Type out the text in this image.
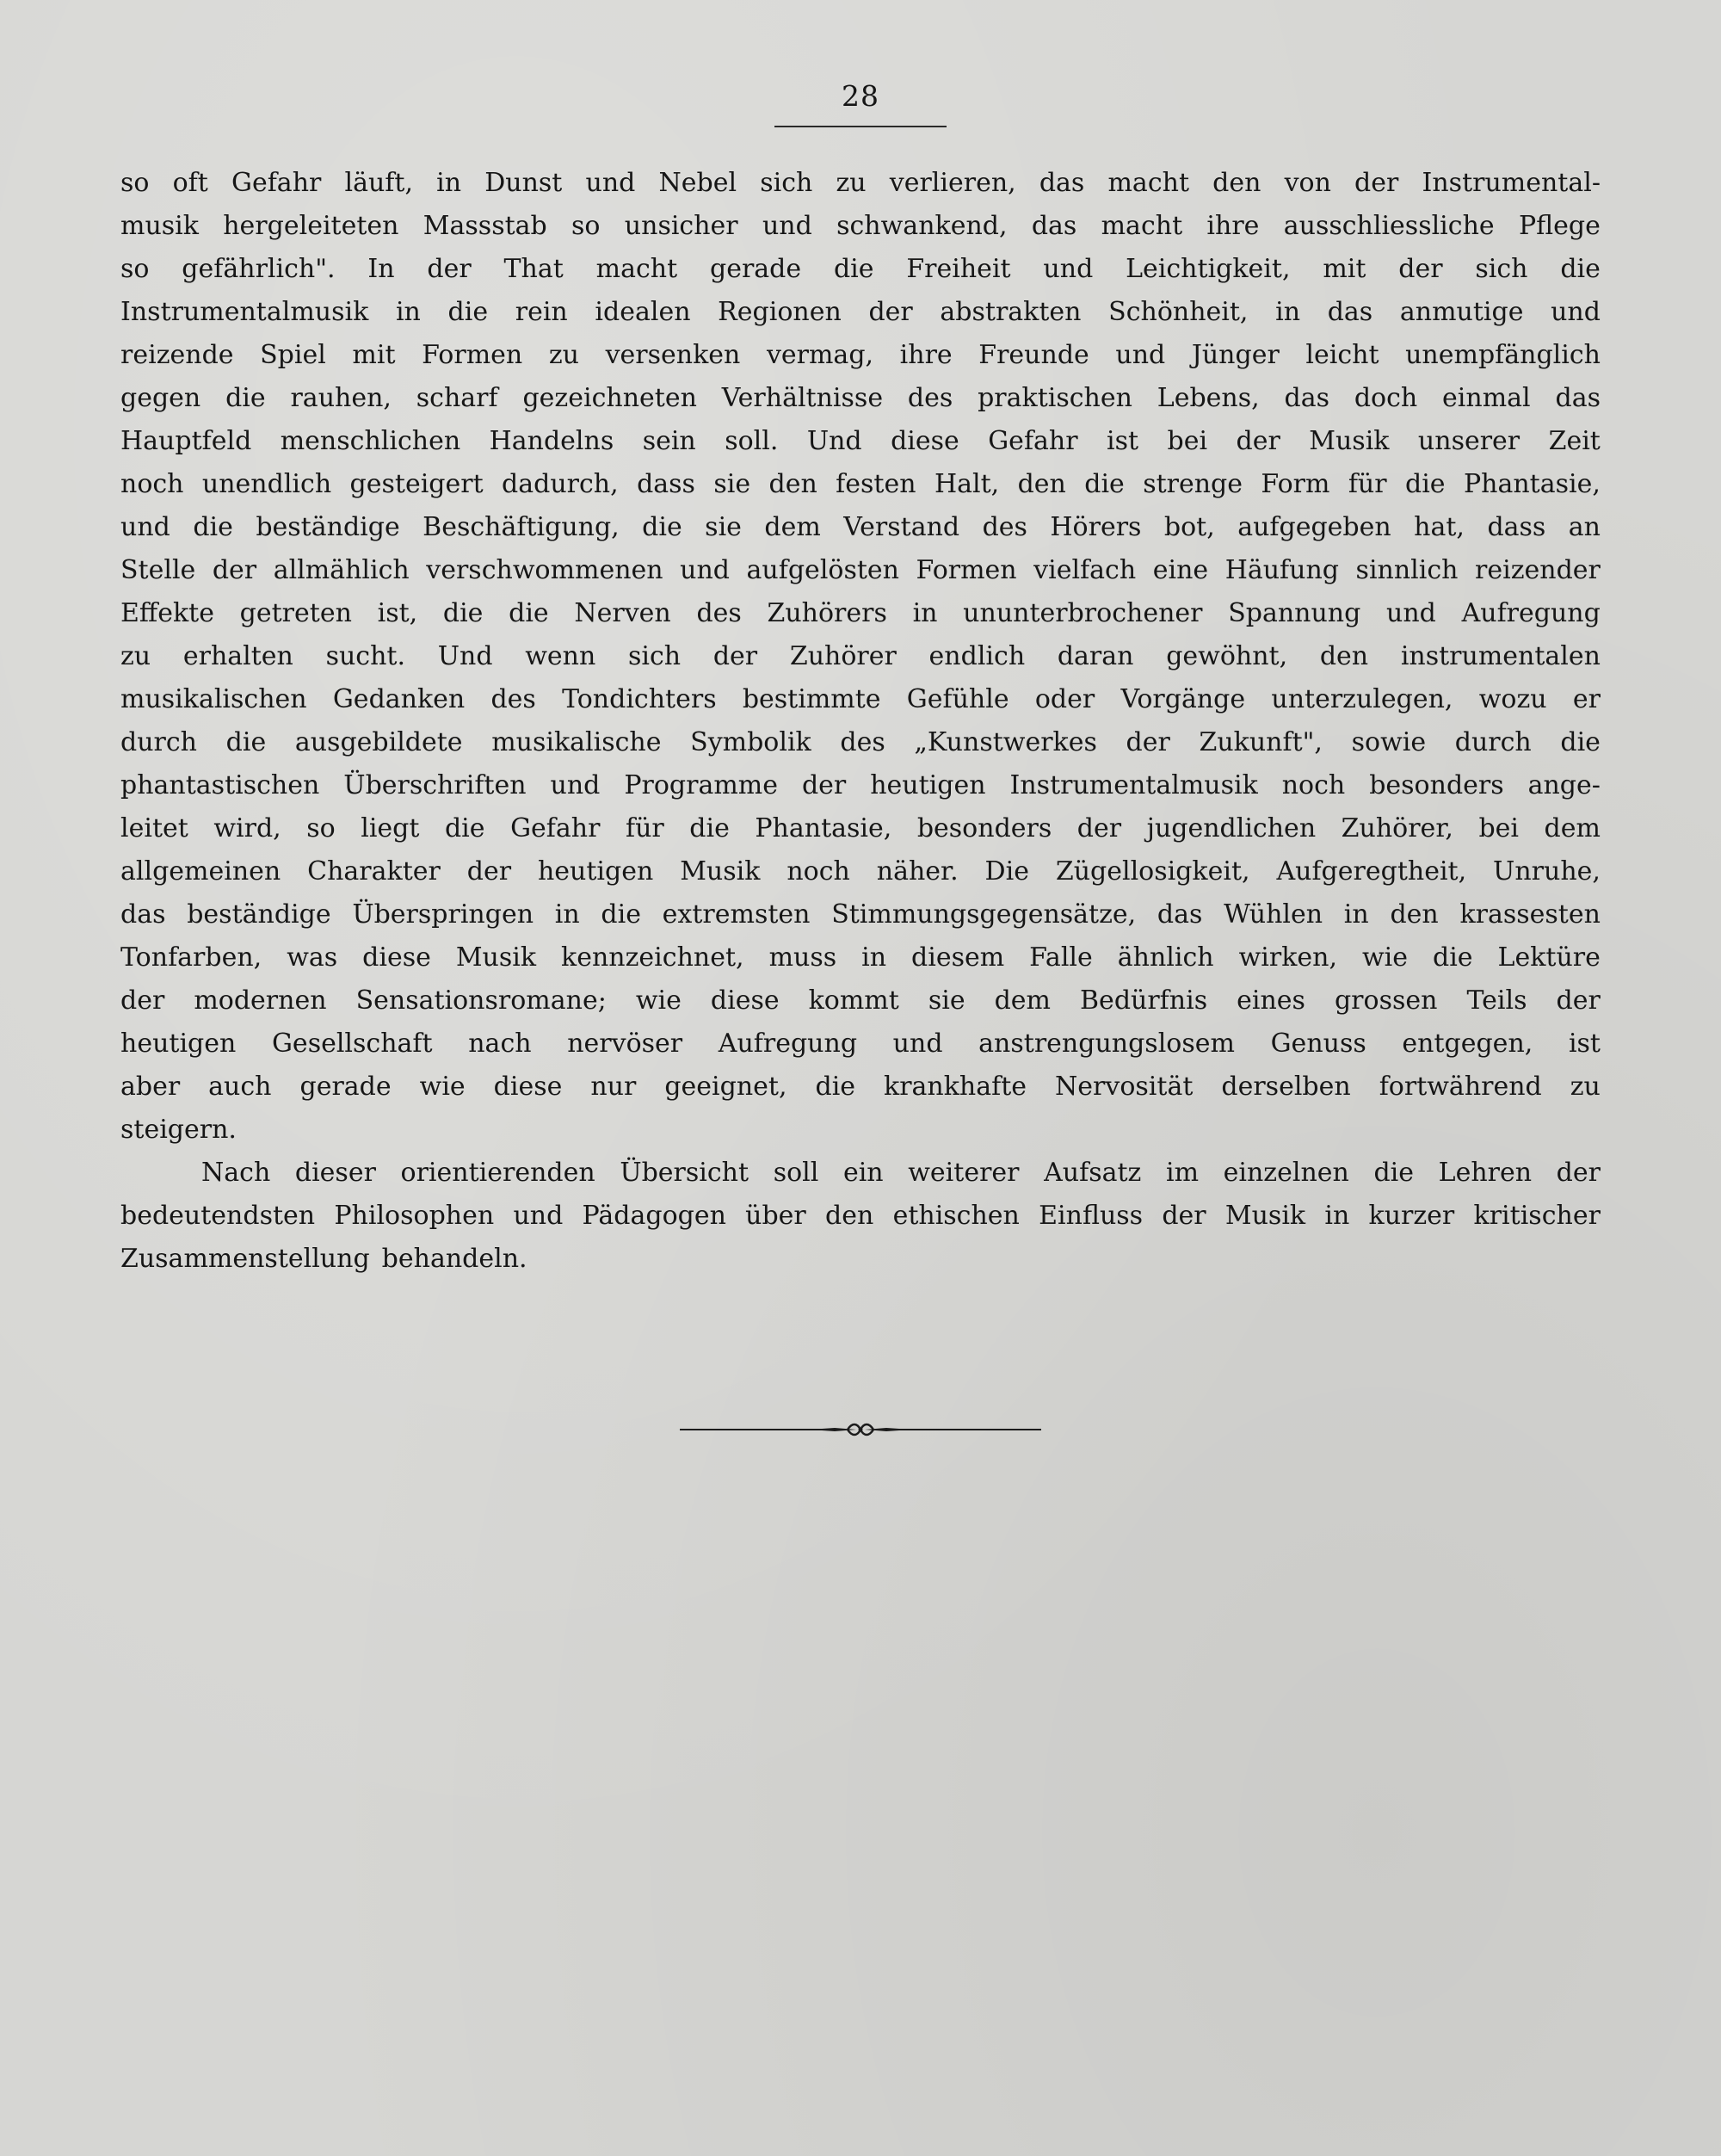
28
so oft Gefahr läuft, in Dunst und Nebel sich zu verlieren, das macht den von der Instrumental-
musik hergeleiteten Massstab so unsicher und schwankend, das macht ihre ausschliessliche Pflege
so gefährlich". In der That macht gerade die Freiheit und Leichtigkeit, mit der sich die
Instrumentalmusik in die rein idealen Regionen der abstrakten Schönheit, in das anmutige und
reizende Spiel mit Formen zu versenken vermag, ihre Freunde und Jünger leicht unempfänglich
gegen die rauhen, scharf gezeichneten Verhältnisse des praktischen Lebens, das doch einmal das
Hauptfeld menschlichen Handelns sein soll. Und diese Gefahr ist bei der Musik unserer Zeit
noch unendlich gesteigert dadurch, dass sie den festen Halt, den die strenge Form für die Phantasie,
und die beständige Beschäftigung, die sie dem Verstand des Hörers bot, aufgegeben hat, dass an
Stelle der allmählich verschwommenen und aufgelösten Formen vielfach eine Häufung sinnlich reizender
Effekte getreten ist, die die Nerven des Zuhörers in ununterbrochener Spannung und Aufregung
zu erhalten sucht. Und wenn sich der Zuhörer endlich daran gewöhnt, den instrumentalen
musikalischen Gedanken des Tondichters bestimmte Gefühle oder Vorgänge unterzulegen, wozu er
durch die ausgebildete musikalische Symbolik des „Kunstwerkes der Zukunft", sowie durch die
phantastischen Überschriften und Programme der heutigen Instrumentalmusik noch besonders ange-
leitet wird, so liegt die Gefahr für die Phantasie, besonders der jugendlichen Zuhörer, bei dem
allgemeinen Charakter der heutigen Musik noch näher. Die Zügellosigkeit, Aufgeregtheit, Unruhe,
das beständige Überspringen in die extremsten Stimmungsgegensätze, das Wühlen in den krassesten
Tonfarben, was diese Musik kennzeichnet, muss in diesem Falle ähnlich wirken, wie die Lektüre
der modernen Sensationsromane; wie diese kommt sie dem Bedürfnis eines grossen Teils der
heutigen Gesellschaft nach nervöser Aufregung und anstrengungslosem Genuss entgegen, ist
aber auch gerade wie diese nur geeignet, die krankhafte Nervosität derselben fortwährend zu
steigern.
Nach dieser orientierenden Übersicht soll ein weiterer Aufsatz im einzelnen die Lehren der
bedeutendsten Philosophen und Pädagogen über den ethischen Einfluss der Musik in kurzer kritischer
Zusammenstellung behandeln.
